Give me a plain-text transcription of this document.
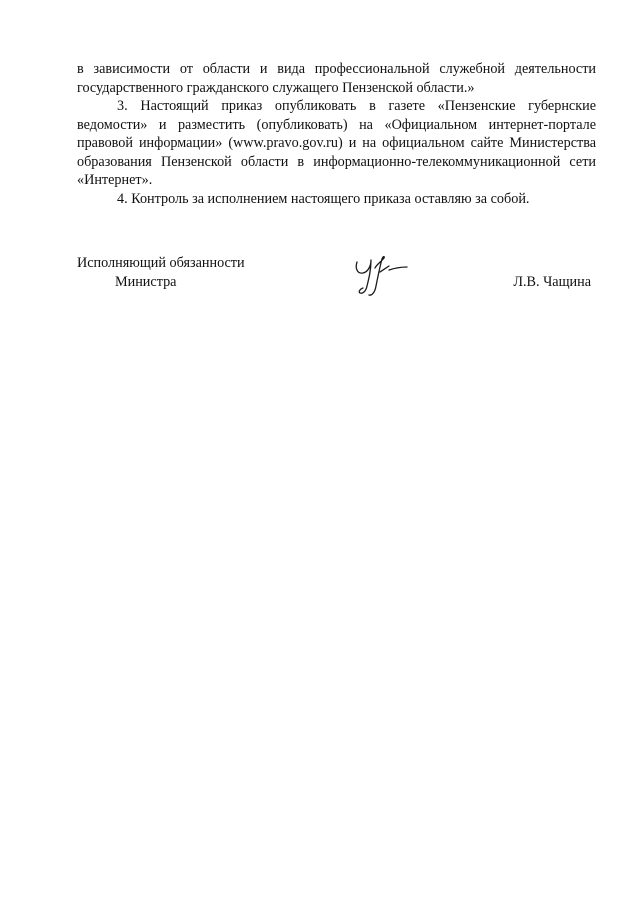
в зависимости от области и вида профессиональной служебной деятельности государственного гражданского служащего Пензенской области.»

3. Настоящий приказ опубликовать в газете «Пензенские губернские ведомости» и разместить (опубликовать) на «Официальном интернет-портале правовой информации» (www.pravo.gov.ru) и на официальном сайте Министерства образования Пензенской области в информационно-телекоммуникационной сети «Интернет».

4. Контроль за исполнением настоящего приказа оставляю за собой.

Исполняющий обязанности
Министра	Л.В. Чащина
